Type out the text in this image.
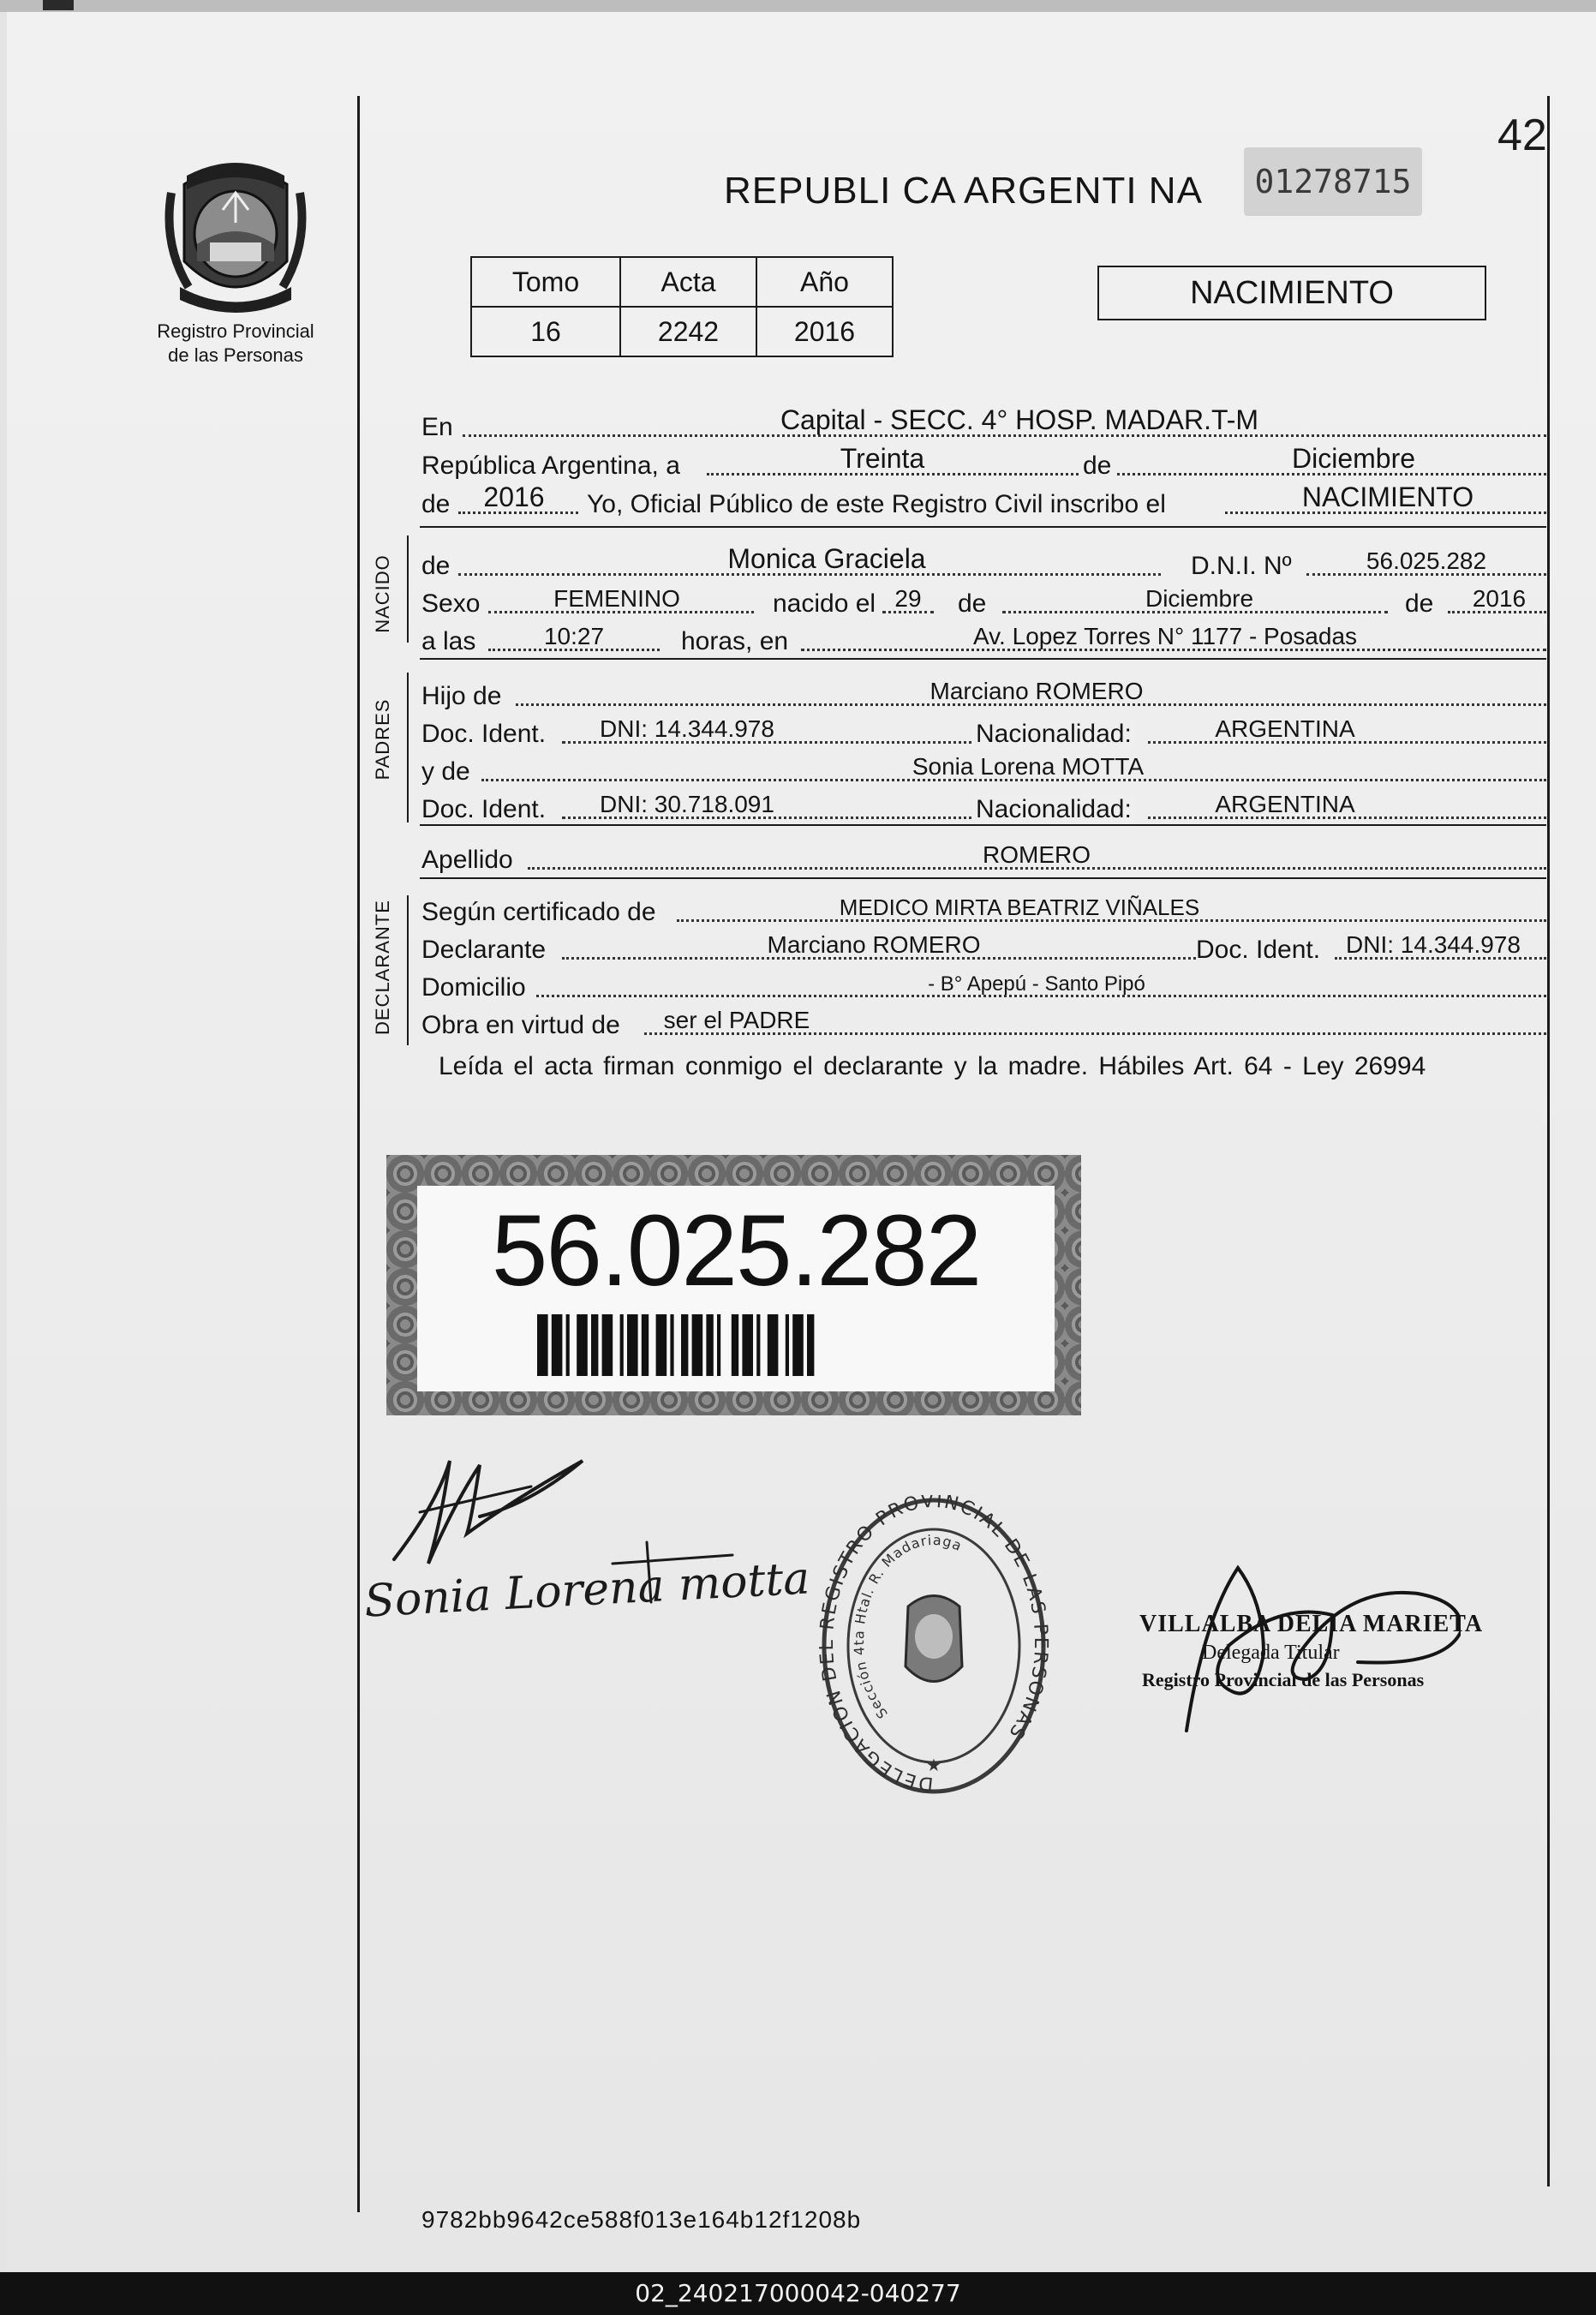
42
REPUBLI CA ARGENTI NA	01278715
Registro Provincial
de las Personas
Tomo	Acta	Año
16	2242	2016
NACIMIENTO
En	Capital - SECC. 4° HOSP. MADAR.T-M
República Argentina, a	Treinta	de	Diciembre
de	2016	Yo, Oficial Público de este Registro Civil inscribo el	NACIMIENTO
NACIDO de	Monica Graciela	D.N.I. Nº	56.025.282
Sexo	FEMENINO	nacido el 29	de	Diciembre	de	2016
a las	10:27	horas, en	Av. Lopez Torres N° 1177 - Posadas
PADRES
Hijo de	Marciano ROMERO
Doc. Ident.	DNI: 14.344.978	Nacionalidad:	ARGENTINA
y de	Sonia Lorena MOTTA
Doc. Ident.	DNI: 30.718.091	Nacionalidad:	ARGENTINA
Apellido	ROMERO
DECLARANTE Según certificado de	MEDICO MIRTA BEATRIZ VIÑALES
Declarante	Marciano ROMERO	Doc. Ident.	DNI: 14.344.978
Domicilio	- B° Apepú - Santo Pipó
Obra en virtud de	ser el PADRE
Leída el acta firman conmigo el declarante y la madre. Hábiles Art. 64 - Ley 26994
56.025.282
Sonia Lorena motta
DELEGACION DEL REGISTRO PROVINCIAL DE LAS PERSONAS
Sección 4ta Htal. R. Madariaga
★
VILLALBA DELIA MARIETA
Delegada Titular
Registro Provincial de las Personas
9782bb9642ce588f013e164b12f1208b
02_240217000042-040277
